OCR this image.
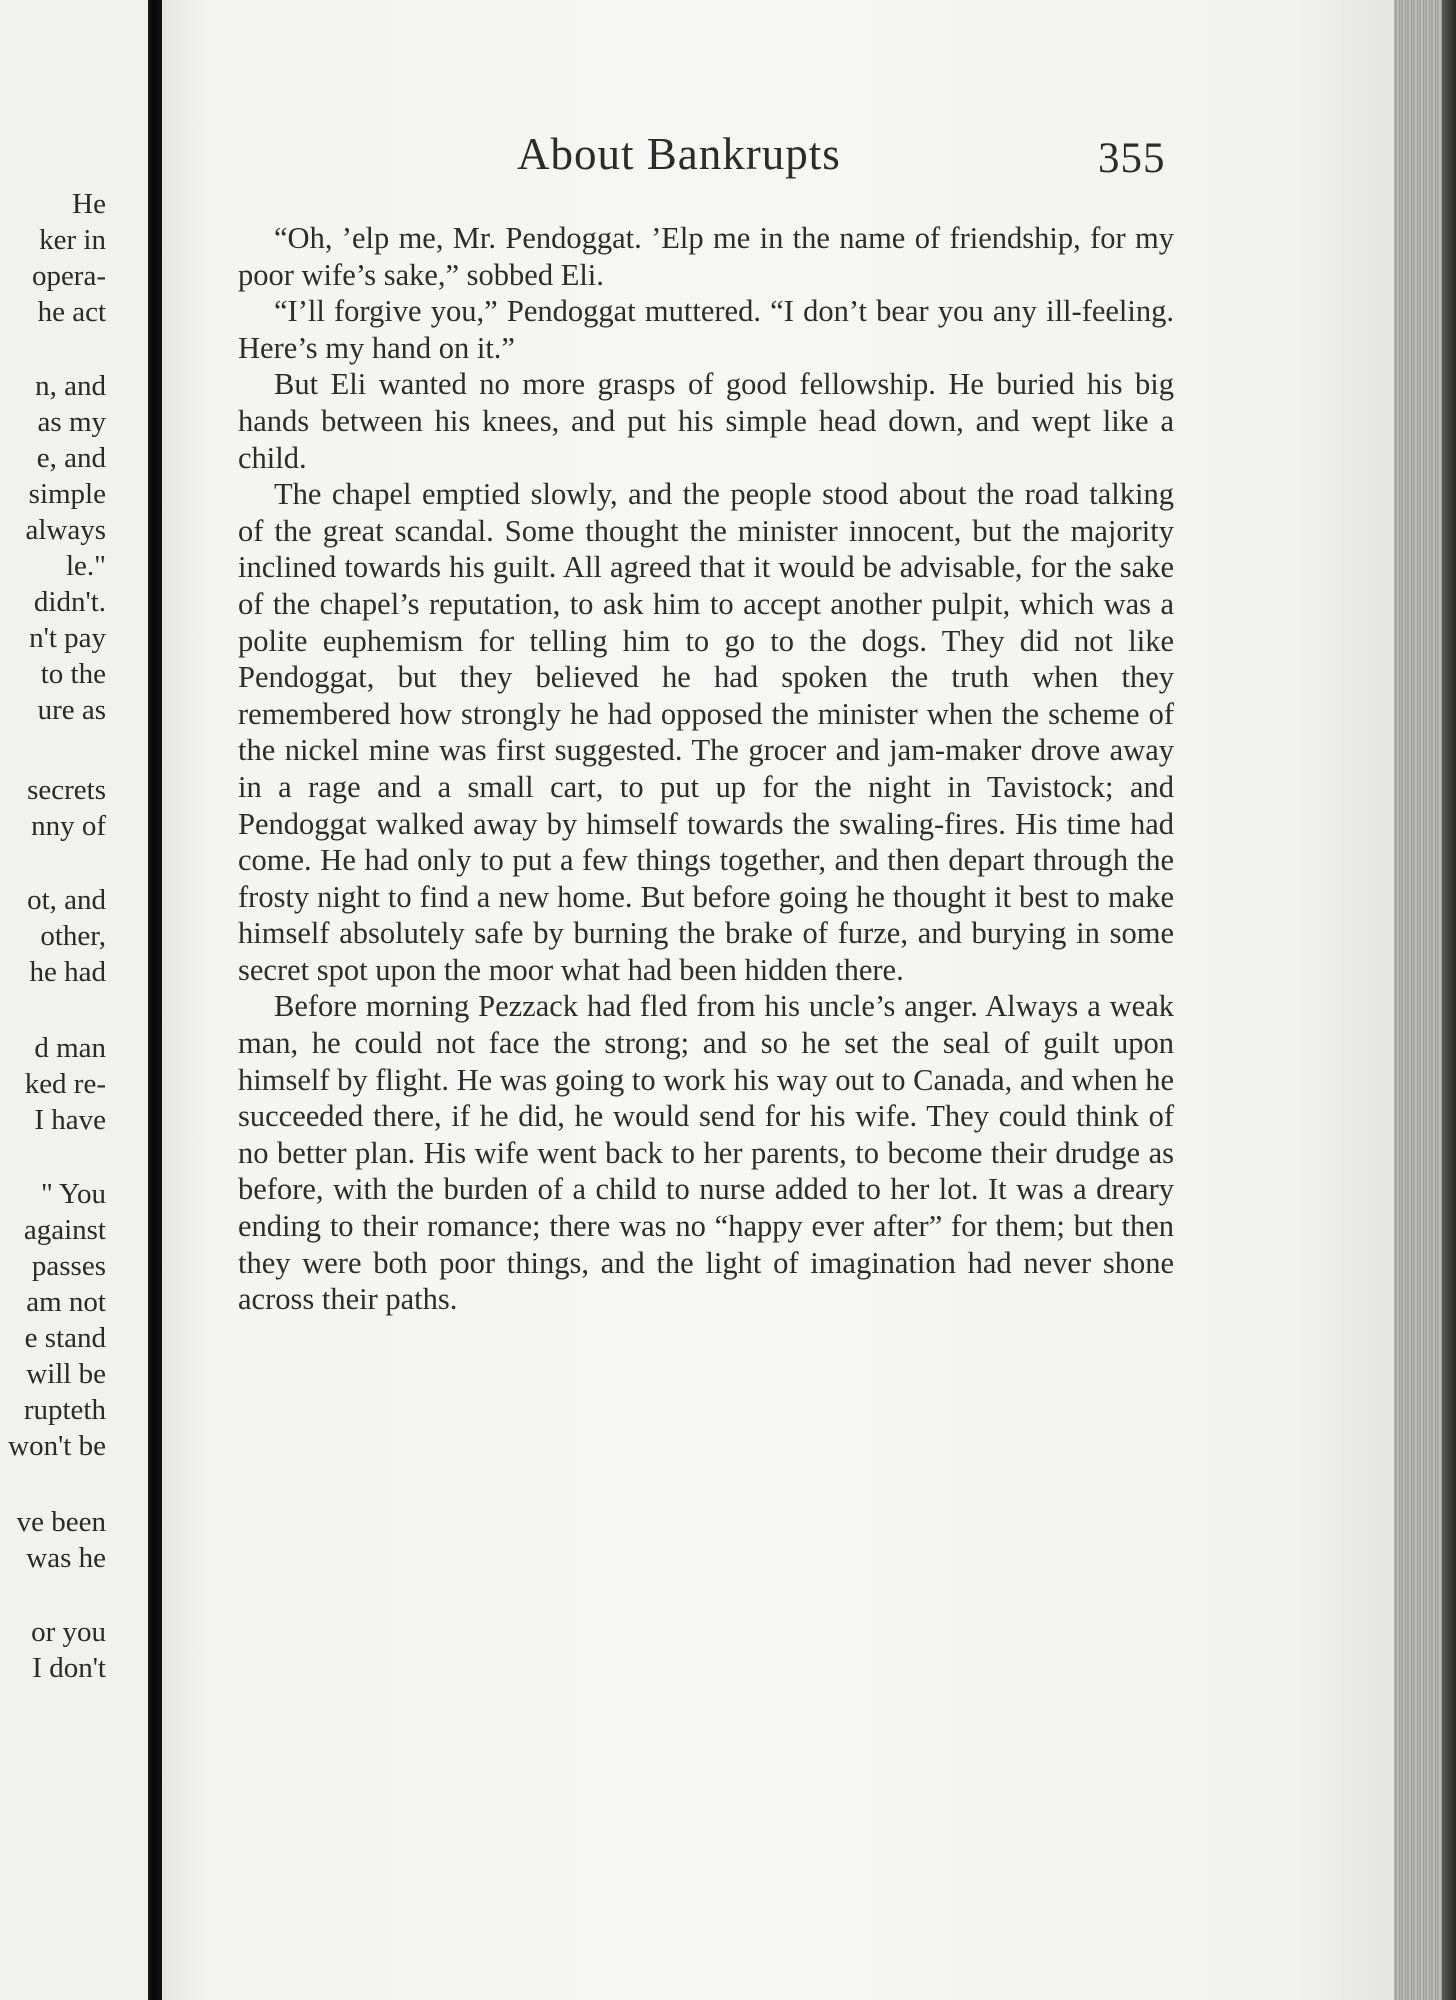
He
ker in
opera-
he act
n, and
as my
e, and
simple
always
le."
didn't.
n't pay
to the
ure as
secrets
nny of
ot, and
other,
he had
d man
ked re-
I have
" You
against
passes
am not
e stand
will be
rupteth
won't be
ve been
was he
or you
I don't
About Bankrupts	355

“Oh, ’elp me, Mr. Pendoggat. ’Elp me in the name of friendship, for my poor wife’s sake,” sobbed Eli.

“I’ll forgive you,” Pendoggat muttered. “I don’t bear you any ill-feeling. Here’s my hand on it.”

But Eli wanted no more grasps of good fellowship. He buried his big hands between his knees, and put his simple head down, and wept like a child.

The chapel emptied slowly, and the people stood about the road talking of the great scandal. Some thought the minister innocent, but the majority inclined towards his guilt. All agreed that it would be advisable, for the sake of the chapel’s reputation, to ask him to accept another pulpit, which was a polite euphemism for telling him to go to the dogs. They did not like Pendoggat, but they believed he had spoken the truth when they remembered how strongly he had opposed the minister when the scheme of the nickel mine was first suggested. The grocer and jam-maker drove away in a rage and a small cart, to put up for the night in Tavistock; and Pendoggat walked away by himself towards the swaling-fires. His time had come. He had only to put a few things together, and then depart through the frosty night to find a new home. But before going he thought it best to make himself absolutely safe by burning the brake of furze, and burying in some secret spot upon the moor what had been hidden there.

Before morning Pezzack had fled from his uncle’s anger. Always a weak man, he could not face the strong; and so he set the seal of guilt upon himself by flight. He was going to work his way out to Canada, and when he succeeded there, if he did, he would send for his wife. They could think of no better plan. His wife went back to her parents, to become their drudge as before, with the burden of a child to nurse added to her lot. It was a dreary ending to their romance; there was no “happy ever after” for them; but then they were both poor things, and the light of imagination had never shone across their paths.
